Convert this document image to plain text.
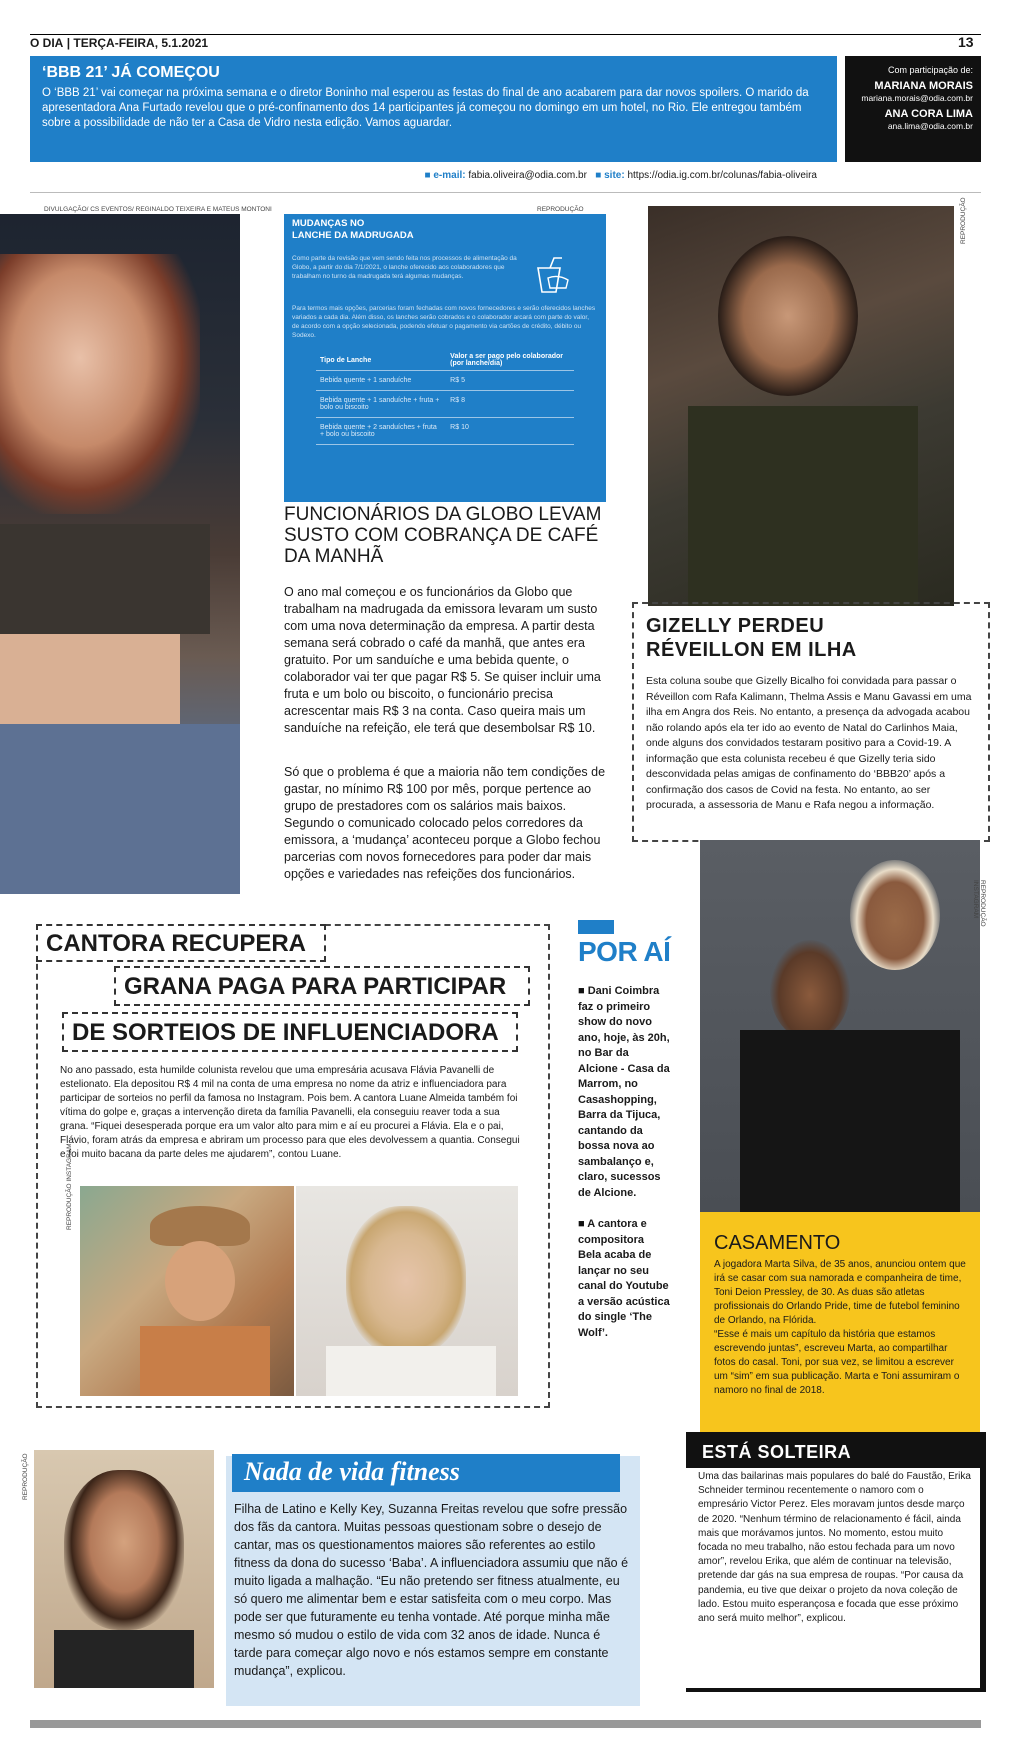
O DIA | TERÇA-FEIRA, 5.1.2021	13
‘BBB 21’ JÁ COMEÇOU

O ‘BBB 21’ vai começar na próxima semana e o diretor Boninho mal esperou as festas do final de ano acabarem para dar novos spoilers. O marido da apresentadora Ana Furtado revelou que o pré-confinamento dos 14 participantes já começou no domingo em um hotel, no Rio. Ele entregou também sobre a possibilidade de não ter a Casa de Vidro nesta edição. Vamos aguardar.

Com participação de:
MARIANA MORAIS
mariana.morais@odia.com.br
ANA CORA LIMA
ana.lima@odia.com.br
■ e-mail: fabia.oliveira@odia.com.br ■ site: https://odia.ig.com.br/colunas/fabia-oliveira
DIVULGAÇÃO/ CS EVENTOS/ REGINALDO TEIXEIRA E MATEUS MONTONI	REPRODUÇÃO
MUDANÇAS NO
LANCHE DA MADRUGADA
Como parte da revisão que vem sendo feita nos processos de alimentação da Globo, a partir do dia 7/1/2021, o lanche oferecido aos colaboradores que trabalham no turno da madrugada terá algumas mudanças.
Para termos mais opções, parcerias foram fechadas com novos fornecedores e serão oferecidos lanches variados a cada dia. Além disso, os lanches serão cobrados e o colaborador arcará com parte do valor, de acordo com a opção selecionada, podendo efetuar o pagamento via cartões de crédito, débito ou Sodexo.
Tipo de Lanche	Valor a ser pago pelo colaborador (por lanche/dia)
Bebida quente + 1 sanduíche	R$ 5
Bebida quente + 1 sanduíche + fruta + bolo ou biscoito	R$ 8
Bebida quente + 2 sanduíches + fruta + bolo ou biscoito	R$ 10
FUNCIONÁRIOS DA GLOBO LEVAM SUSTO COM COBRANÇA DE CAFÉ DA MANHÃ
O ano mal começou e os funcionários da Globo que trabalham na madrugada da emissora levaram um susto com uma nova determinação da empresa. A partir desta semana será cobrado o café da manhã, que antes era gratuito. Por um sanduíche e uma bebida quente, o colaborador vai ter que pagar R$ 5. Se quiser incluir uma fruta e um bolo ou biscoito, o funcionário precisa acrescentar mais R$ 3 na conta. Caso queira mais um sanduíche na refeição, ele terá que desembolsar R$ 10.
Só que o problema é que a maioria não tem condições de gastar, no mínimo R$ 100 por mês, porque pertence ao grupo de prestadores com os salários mais baixos. Segundo o comunicado colocado pelos corredores da emissora, a ‘mudança’ aconteceu porque a Globo fechou parcerias com novos fornecedores para poder dar mais opções e variedades nas refeições dos funcionários.
REPRODUÇÃO
GIZELLY PERDEU
RÉVEILLON EM ILHA
Esta coluna soube que Gizelly Bicalho foi convidada para passar o Réveillon com Rafa Kalimann, Thelma Assis e Manu Gavassi em uma ilha em Angra dos Reis. No entanto, a presença da advogada acabou não rolando após ela ter ido ao evento de Natal do Carlinhos Maia, onde alguns dos convidados testaram positivo para a Covid-19. A informação que esta colunista recebeu é que Gizelly teria sido desconvidada pelas amigas de confinamento do ‘BBB20’ após a confirmação dos casos de Covid na festa. No entanto, ao ser procurada, a assessoria de Manu e Rafa negou a informação.
CANTORA RECUPERA
GRANA PAGA PARA PARTICIPAR
DE SORTEIOS DE INFLUENCIADORA
No ano passado, esta humilde colunista revelou que uma empresária acusava Flávia Pavanelli de estelionato. Ela depositou R$ 4 mil na conta de uma empresa no nome da atriz e influenciadora para participar de sorteios no perfil da famosa no Instagram. Pois bem. A cantora Luane Almeida também foi vítima do golpe e, graças a intervenção direta da família Pavanelli, ela conseguiu reaver toda a sua grana. “Fiquei desesperada porque era um valor alto para mim e aí eu procurei a Flávia. Ela e o pai, Flávio, foram atrás da empresa e abriram um processo para que eles devolvessem a quantia. Consegui e foi muito bacana da parte deles me ajudarem”, contou Luane.
REPRODUÇÃO INSTAGRAM
POR AÍ
■ Dani Coimbra faz o primeiro show do novo ano, hoje, às 20h, no Bar da Alcione - Casa da Marrom, no Casashopping, Barra da Tijuca, cantando da bossa nova ao sambalanço e, claro, sucessos de Alcione.
■ A cantora e compositora Bela acaba de lançar no seu canal do Youtube a versão acústica do single ‘The Wolf’.
REPRODUÇÃO INSTAGRAM
CASAMENTO
A jogadora Marta Silva, de 35 anos, anunciou ontem que irá se casar com sua namorada e companheira de time, Toni Deion Pressley, de 30. As duas são atletas profissionais do Orlando Pride, time de futebol feminino de Orlando, na Flórida.
“Esse é mais um capítulo da história que estamos escrevendo juntas”, escreveu Marta, ao compartilhar fotos do casal. Toni, por sua vez, se limitou a escrever um “sim” em sua publicação. Marta e Toni assumiram o namoro no final de 2018.
REPRODUÇÃO	Nada de vida fitness
Filha de Latino e Kelly Key, Suzanna Freitas revelou que sofre pressão dos fãs da cantora. Muitas pessoas questionam sobre o desejo de cantar, mas os questionamentos maiores são referentes ao estilo fitness da dona do sucesso ‘Baba’. A influenciadora assumiu que não é muito ligada a malhação. “Eu não pretendo ser fitness atualmente, eu só quero me alimentar bem e estar satisfeita com o meu corpo. Mas pode ser que futuramente eu tenha vontade. Até porque minha mãe mesmo só mudou o estilo de vida com 32 anos de idade. Nunca é tarde para começar algo novo e nós estamos sempre em constante mudança”, explicou.
ESTÁ SOLTEIRA
Uma das bailarinas mais populares do balé do Faustão, Erika Schneider terminou recentemente o namoro com o empresário Victor Perez. Eles moravam juntos desde março de 2020. “Nenhum término de relacionamento é fácil, ainda mais que morávamos juntos. No momento, estou muito focada no meu trabalho, não estou fechada para um novo amor”, revelou Erika, que além de continuar na televisão, pretende dar gás na sua empresa de roupas. “Por causa da pandemia, eu tive que deixar o projeto da nova coleção de lado. Estou muito esperançosa e focada que esse próximo ano será muito melhor”, explicou.
